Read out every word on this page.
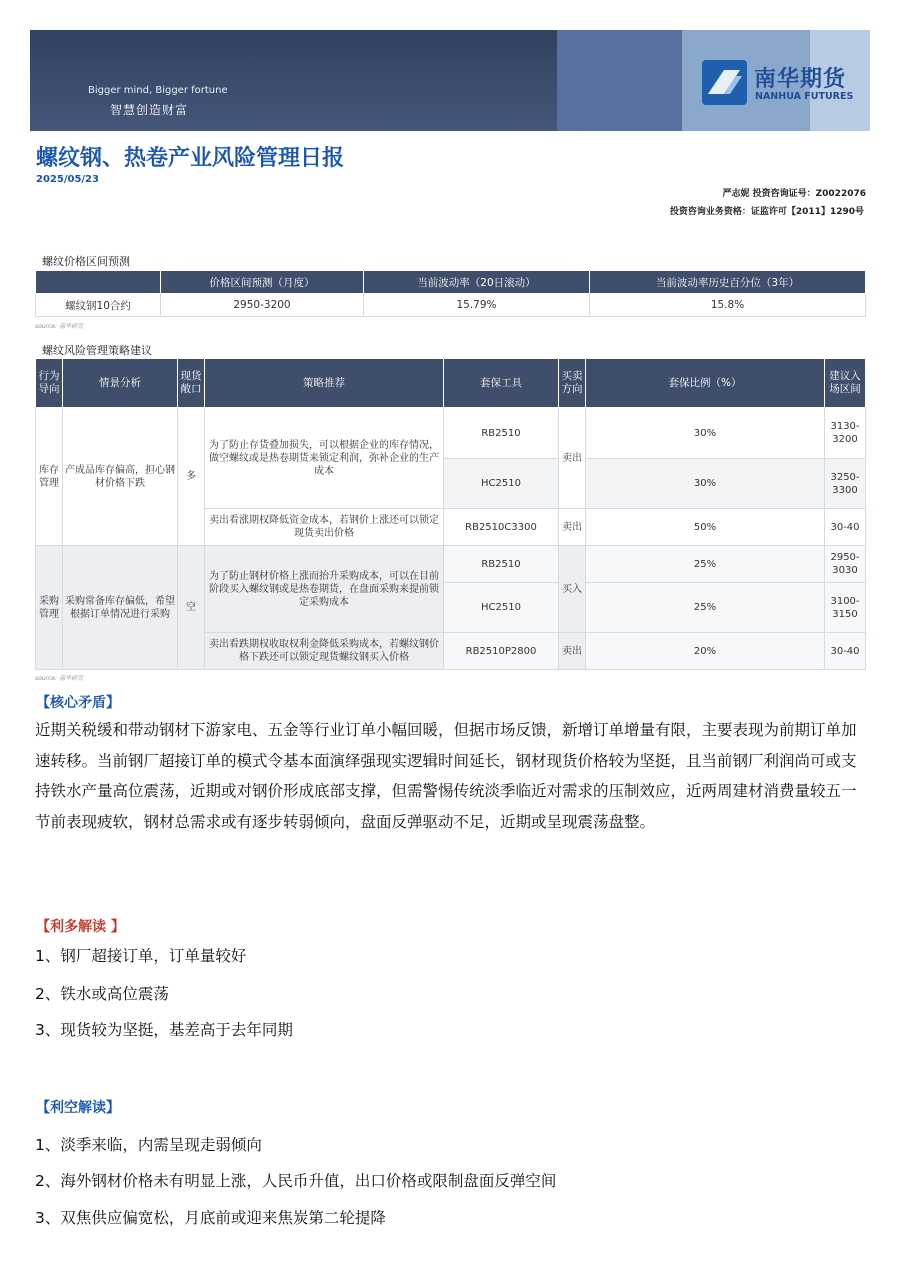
Bigger mind, Bigger fortune
智慧创造财富
南华期货
NANHUA FUTURES
螺纹钢、热卷产业风险管理日报
2025/05/23
严志妮 投资咨询证号：Z0022076
投资咨询业务资格：证监许可【2011】1290号
螺纹价格区间预测
	价格区间预测（月度）	当前波动率（20日滚动）	当前波动率历史百分位（3年）
螺纹钢10合约	2950-3200	15.79%	15.8%
source: 南华研究
螺纹风险管理策略建议
行为导向	情景分析	现货敞口	策略推荐	套保工具	买卖方向	套保比例（%）	建议入场区间
库存管理	产成品库存偏高，担心钢材价格下跌	多	为了防止存货叠加损失，可以根据企业的库存情况，做空螺纹或是热卷期货来锁定利润，弥补企业的生产成本	RB2510	卖出	30%	3130-3200
				HC2510		30%	3250-3300
			卖出看涨期权降低资金成本，若钢价上涨还可以锁定现货卖出价格	RB2510C3300	卖出	50%	30-40
采购管理	采购常备库存偏低，希望根据订单情况进行采购	空	为了防止钢材价格上涨而抬升采购成本，可以在目前阶段买入螺纹钢或是热卷期货，在盘面采购来提前锁定采购成本	RB2510	买入	25%	2950-3030
				HC2510		25%	3100-3150
			卖出看跌期权收取权利金降低采购成本，若螺纹钢价格下跌还可以锁定现货螺纹钢买入价格	RB2510P2800	卖出	20%	30-40
source: 南华研究
【核心矛盾】
近期关税缓和带动钢材下游家电、五金等行业订单小幅回暖，但据市场反馈，新增订单增量有限，主要表现为前期订单加速转移。当前钢厂超接订单的模式令基本面演绎强现实逻辑时间延长，钢材现货价格较为坚挺，且当前钢厂利润尚可或支持铁水产量高位震荡，近期或对钢价形成底部支撑，但需警惕传统淡季临近对需求的压制效应，近两周建材消费量较五一节前表现疲软，钢材总需求或有逐步转弱倾向，盘面反弹驱动不足，近期或呈现震荡盘整。
【利多解读 】
1、钢厂超接订单，订单量较好
2、铁水或高位震荡
3、现货较为坚挺，基差高于去年同期
【利空解读】
1、淡季来临，内需呈现走弱倾向
2、海外钢材价格未有明显上涨，人民币升值，出口价格或限制盘面反弹空间
3、双焦供应偏宽松，月底前或迎来焦炭第二轮提降
